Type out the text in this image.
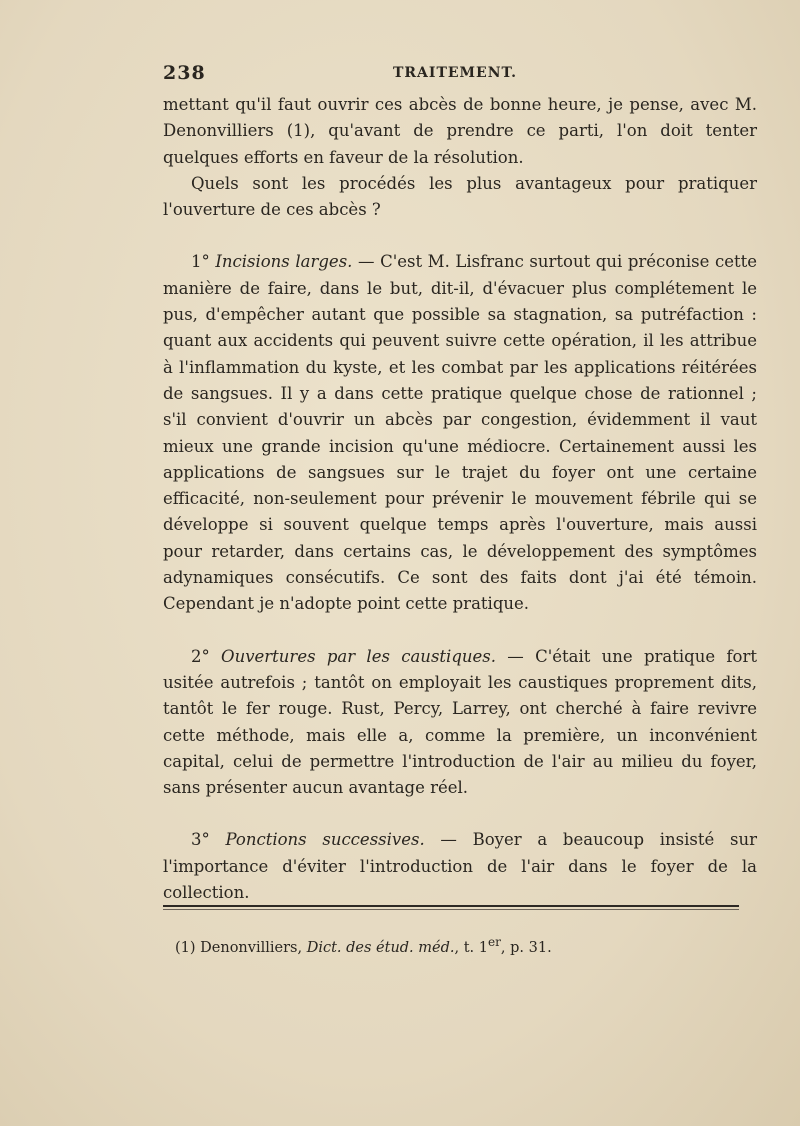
238	TRAITEMENT.

mettant qu'il faut ouvrir ces abcès de bonne heure, je pense, avec M. Denonvilliers (1), qu'avant de prendre ce parti, l'on doit tenter quelques efforts en faveur de la résolution.

Quels sont les procédés les plus avantageux pour pratiquer l'ouverture de ces abcès ?

1° Incisions larges. — C'est M. Lisfranc surtout qui préconise cette manière de faire, dans le but, dit-il, d'évacuer plus complétement le pus, d'empêcher autant que possible sa stagnation, sa putréfaction : quant aux accidents qui peuvent suivre cette opération, il les attribue à l'inflammation du kyste, et les combat par les applications réitérées de sangsues. Il y a dans cette pratique quelque chose de rationnel ; s'il convient d'ouvrir un abcès par congestion, évidemment il vaut mieux une grande incision qu'une médiocre. Certainement aussi les applications de sangsues sur le trajet du foyer ont une certaine efficacité, non-seulement pour prévenir le mouvement fébrile qui se développe si souvent quelque temps après l'ouverture, mais aussi pour retarder, dans certains cas, le développement des symptômes adynamiques consécutifs. Ce sont des faits dont j'ai été témoin. Cependant je n'adopte point cette pratique.

2° Ouvertures par les caustiques. — C'était une pratique fort usitée autrefois ; tantôt on employait les caustiques proprement dits, tantôt le fer rouge. Rust, Percy, Larrey, ont cherché à faire revivre cette méthode, mais elle a, comme la première, un inconvénient capital, celui de permettre l'introduction de l'air au milieu du foyer, sans présenter aucun avantage réel.

3° Ponctions successives. — Boyer a beaucoup insisté sur l'importance d'éviter l'introduction de l'air dans le foyer de la collection.

(1) Denonvilliers, Dict. des étud. méd., t. 1er, p. 31.
